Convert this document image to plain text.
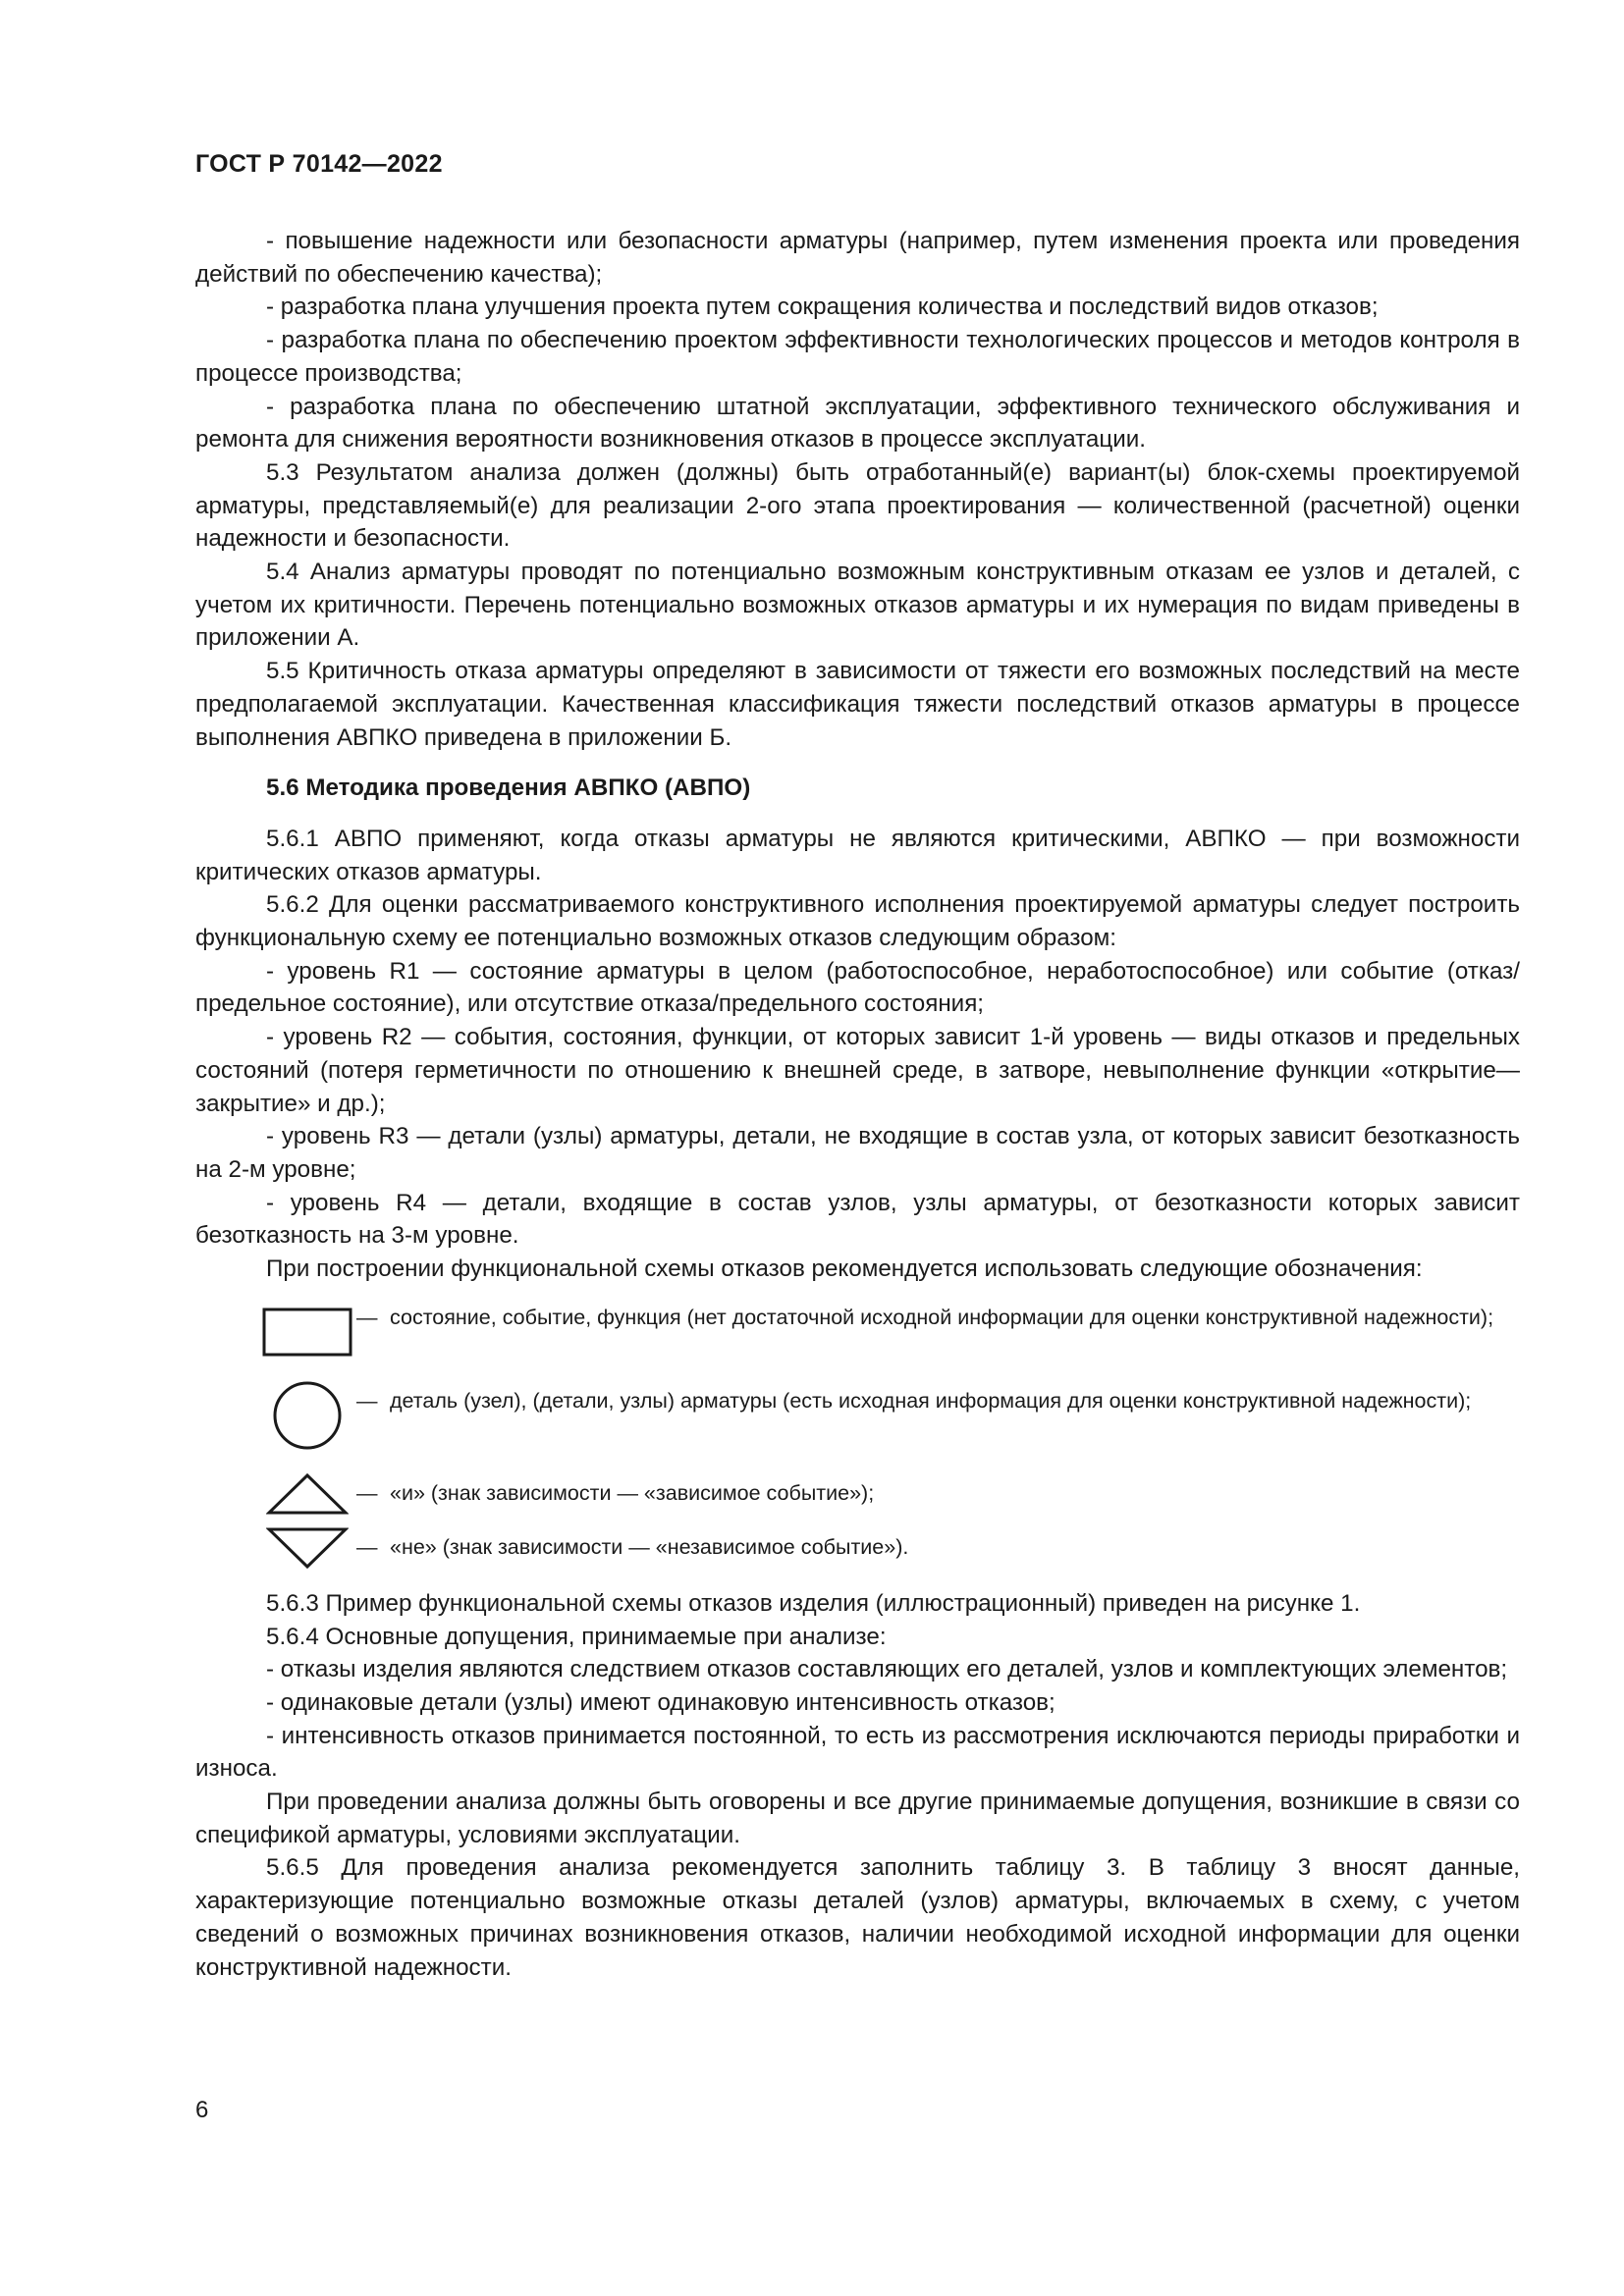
ГОСТ Р 70142—2022

- повышение надежности или безопасности арматуры (например, путем изменения проекта или проведения действий по обеспечению качества);

- разработка плана улучшения проекта путем сокращения количества и последствий видов отказов;

- разработка плана по обеспечению проектом эффективности технологических процессов и методов контроля в процессе производства;

- разработка плана по обеспечению штатной эксплуатации, эффективного технического обслуживания и ремонта для снижения вероятности возникновения отказов в процессе эксплуатации.

5.3 Результатом анализа должен (должны) быть отработанный(е) вариант(ы) блок-схемы проектируемой арматуры, представляемый(е) для реализации 2-ого этапа проектирования — количественной (расчетной) оценки надежности и безопасности.

5.4 Анализ арматуры проводят по потенциально возможным конструктивным отказам ее узлов и деталей, с учетом их критичности. Перечень потенциально возможных отказов арматуры и их нумерация по видам приведены в приложении А.

5.5 Критичность отказа арматуры определяют в зависимости от тяжести его возможных последствий на месте предполагаемой эксплуатации. Качественная классификация тяжести последствий отказов арматуры в процессе выполнения АВПКО приведена в приложении Б.

5.6 Методика проведения АВПКО (АВПО)

5.6.1 АВПО применяют, когда отказы арматуры не являются критическими, АВПКО — при возможности критических отказов арматуры.

5.6.2 Для оценки рассматриваемого конструктивного исполнения проектируемой арматуры следует построить функциональную схему ее потенциально возможных отказов следующим образом:

- уровень R1 — состояние арматуры в целом (работоспособное, неработоспособное) или событие (отказ/предельное состояние), или отсутствие отказа/предельного состояния;

- уровень R2 — события, состояния, функции, от которых зависит 1-й уровень — виды отказов и предельных состояний (потеря герметичности по отношению к внешней среде, в затворе, невыполнение функции «открытие—закрытие» и др.);

- уровень R3 — детали (узлы) арматуры, детали, не входящие в состав узла, от которых зависит безотказность на 2-м уровне;

- уровень R4 — детали, входящие в состав узлов, узлы арматуры, от безотказности которых зависит безотказность на 3-м уровне.

При построении функциональной схемы отказов рекомендуется использовать следующие обозначения:

— состояние, событие, функция (нет достаточной исходной информации для оценки конструктивной надежности);
— деталь (узел), (детали, узлы) арматуры (есть исходная информация для оценки конструктивной надежности);
— «и» (знак зависимости — «зависимое событие»);
— «не» (знак зависимости — «независимое событие»).

5.6.3 Пример функциональной схемы отказов изделия (иллюстрационный) приведен на рисунке 1.

5.6.4 Основные допущения, принимаемые при анализе:

- отказы изделия являются следствием отказов составляющих его деталей, узлов и комплектующих элементов;

- одинаковые детали (узлы) имеют одинаковую интенсивность отказов;

- интенсивность отказов принимается постоянной, то есть из рассмотрения исключаются периоды приработки и износа.

При проведении анализа должны быть оговорены и все другие принимаемые допущения, возникшие в связи со спецификой арматуры, условиями эксплуатации.

5.6.5 Для проведения анализа рекомендуется заполнить таблицу 3. В таблицу 3 вносят данные, характеризующие потенциально возможные отказы деталей (узлов) арматуры, включаемых в схему, с учетом сведений о возможных причинах возникновения отказов, наличии необходимой исходной информации для оценки конструктивной надежности.

6
